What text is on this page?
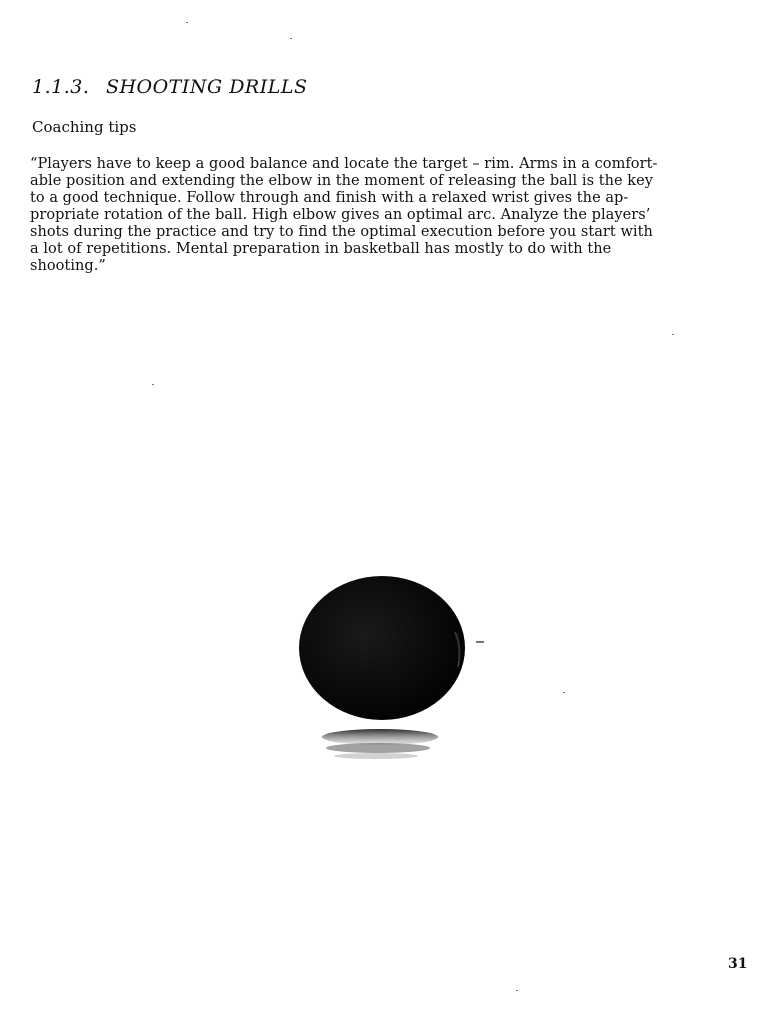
1.1.3. SHOOTING DRILLS
Coaching tips

“Players have to keep a good balance and locate the target – rim. Arms in a comfort-
able position and extending the elbow in the moment of releasing the ball is the key
to a good technique. Follow through and finish with a relaxed wrist gives the ap-
propriate rotation of the ball. High elbow gives an optimal arc. Analyze the players’
shots during the practice and try to find the optimal execution before you start with
a lot of repetitions. Mental preparation in basketball has mostly to do with the
shooting.”

31
